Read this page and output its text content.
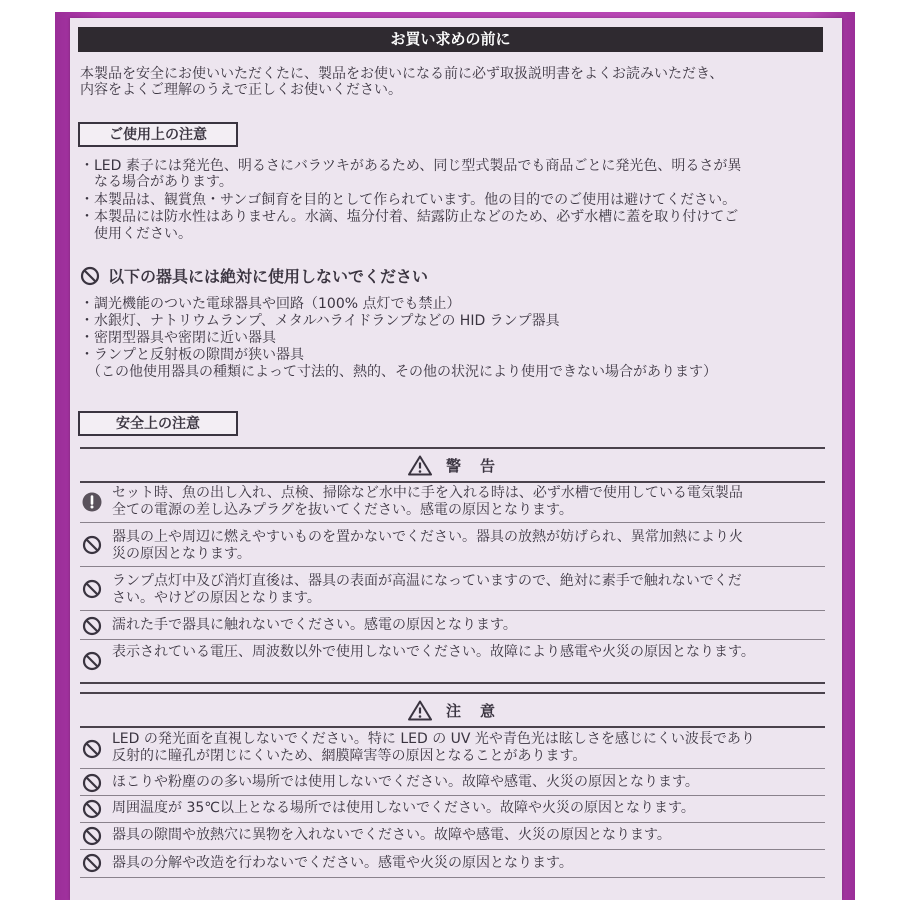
お買い求めの前に
本製品を安全にお使いいただくたに、製品をお使いになる前に必ず取扱説明書をよくお読みいただき、
内容をよくご理解のうえで正しくお使いください。
ご使用上の注意
・LED 素子には発光色、明るさにバラツキがあるため、同じ型式製品でも商品ごとに発光色、明るさが異
　なる場合があります。
・本製品は、観賞魚・サンゴ飼育を目的として作られています。他の目的でのご使用は避けてください。
・本製品には防水性はありません。水滴、塩分付着、結露防止などのため、必ず水槽に蓋を取り付けてご
　使用ください。
以下の器具には絶対に使用しないでください
・調光機能のついた電球器具や回路（100% 点灯でも禁止）
・水銀灯、ナトリウムランプ、メタルハライドランプなどの HID ランプ器具
・密閉型器具や密閉に近い器具
・ランプと反射板の隙間が狭い器具
　（この他使用器具の種類によって寸法的、熱的、その他の状況により使用できない場合があります）
安全上の注意
警　告
セット時、魚の出し入れ、点検、掃除など水中に手を入れる時は、必ず水槽で使用している電気製品
全ての電源の差し込みプラグを抜いてください。感電の原因となります。
器具の上や周辺に燃えやすいものを置かないでください。器具の放熱が妨げられ、異常加熱により火
災の原因となります。
ランプ点灯中及び消灯直後は、器具の表面が高温になっていますので、絶対に素手で触れないでくだ
さい。やけどの原因となります。
濡れた手で器具に触れないでください。感電の原因となります。
表示されている電圧、周波数以外で使用しないでください。故障により感電や火災の原因となります。
注　意
LED の発光面を直視しないでください。特に LED の UV 光や青色光は眩しさを感じにくい波長であり
反射的に瞳孔が閉じにくいため、網膜障害等の原因となることがあります。
ほこりや粉塵のの多い場所では使用しないでください。故障や感電、火災の原因となります。
周囲温度が 35℃以上となる場所では使用しないでください。故障や火災の原因となります。
器具の隙間や放熱穴に異物を入れないでください。故障や感電、火災の原因となります。
器具の分解や改造を行わないでください。感電や火災の原因となります。
